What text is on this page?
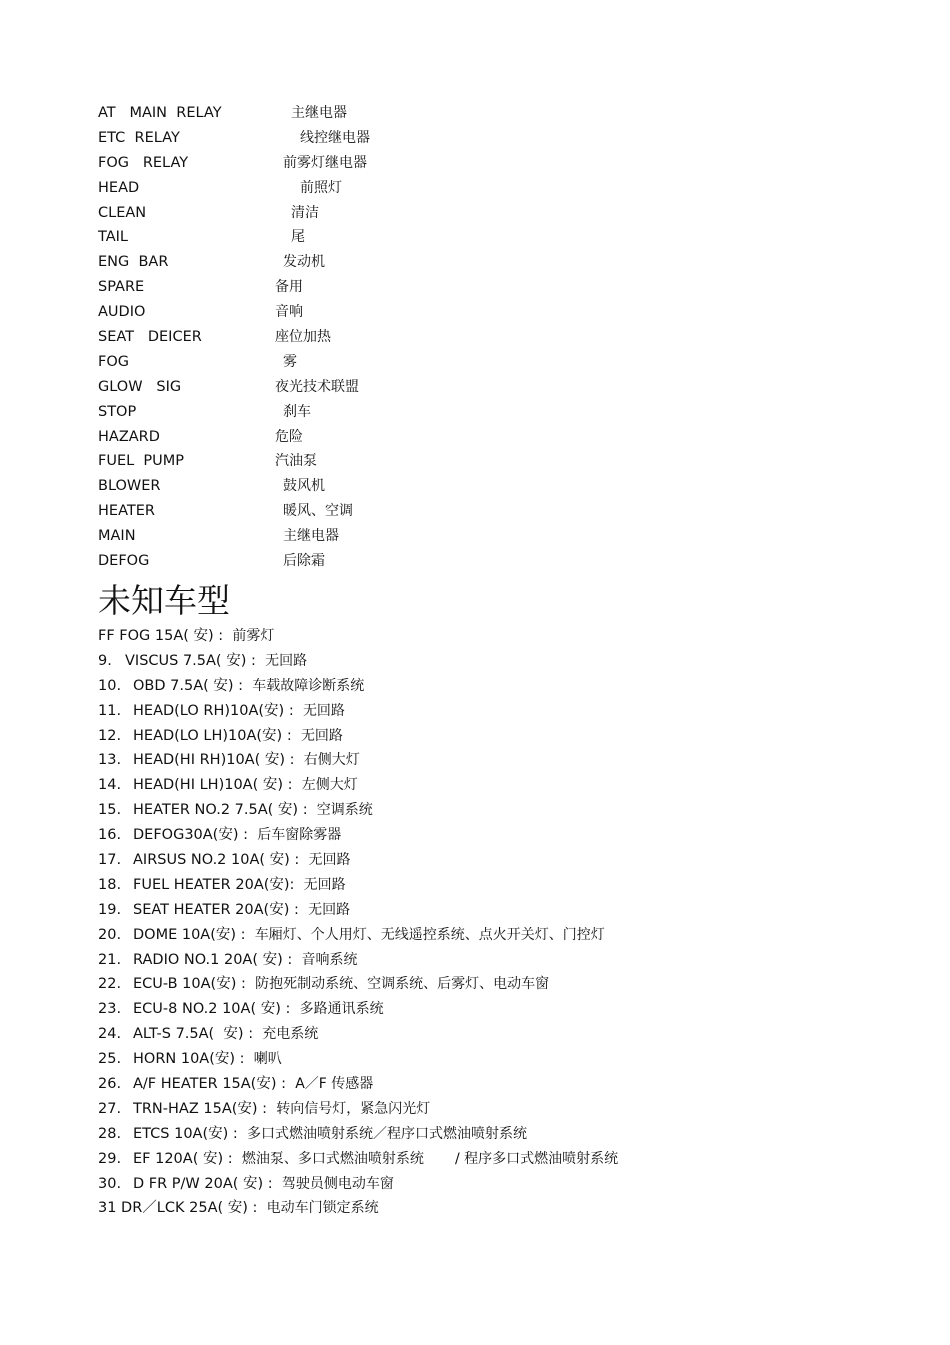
AT   MAIN  RELAY	主继电器
ETC  RELAY	线控继电器
FOG   RELAY	前雾灯继电器
HEAD	前照灯
CLEAN	清洁
TAIL	尾
ENG  BAR	发动机
SPARE	备用
AUDIO	音响
SEAT   DEICER	座位加热
FOG	雾
GLOW   SIG	夜光技术联盟
STOP	刹车
HAZARD	危险
FUEL  PUMP	汽油泵
BLOWER	鼓风机
HEATER	暖风、空调
MAIN	主继电器
DEFOG	后除霜
未知车型
FF FOG 15A( 安) : 前雾灯
9. VISCUS 7.5A( 安) : 无回路
10. OBD 7.5A( 安) : 车载故障诊断系统
11. HEAD(LO RH)10A(安) : 无回路
12. HEAD(LO LH)10A(安) : 无回路
13. HEAD(HI RH)10A( 安) : 右侧大灯
14. HEAD(HI LH)10A( 安) : 左侧大灯
15. HEATER NO.2 7.5A( 安) : 空调系统
16. DEFOG30A(安) : 后车窗除雾器
17. AIRSUS NO.2 10A( 安) : 无回路
18. FUEL HEATER 20A(安): 无回路
19. SEAT HEATER 20A(安) : 无回路
20. DOME 10A(安) : 车厢灯、个人用灯、无线遥控系统、点火开关灯、门控灯
21. RADIO NO.1 20A( 安) : 音响系统
22. ECU-B 10A(安) : 防抱死制动系统、空调系统、后雾灯、电动车窗
23. ECU-8 NO.2 10A( 安) : 多路通讯系统
24. ALT-S 7.5A(  安) : 充电系统
25. HORN 10A(安) : 喇叭
26. A/F HEATER 15A(安) : A／F 传感器
27. TRN-HAZ 15A(安) : 转向信号灯，紧急闪光灯
28. ETCS 10A(安) : 多口式燃油喷射系统／程序口式燃油喷射系统
29. EF 120A( 安) : 燃油泵、多口式燃油喷射系统       / 程序多口式燃油喷射系统
30. D FR P/W 20A( 安) : 驾驶员侧电动车窗
31 DR／LCK 25A( 安) : 电动车门锁定系统
